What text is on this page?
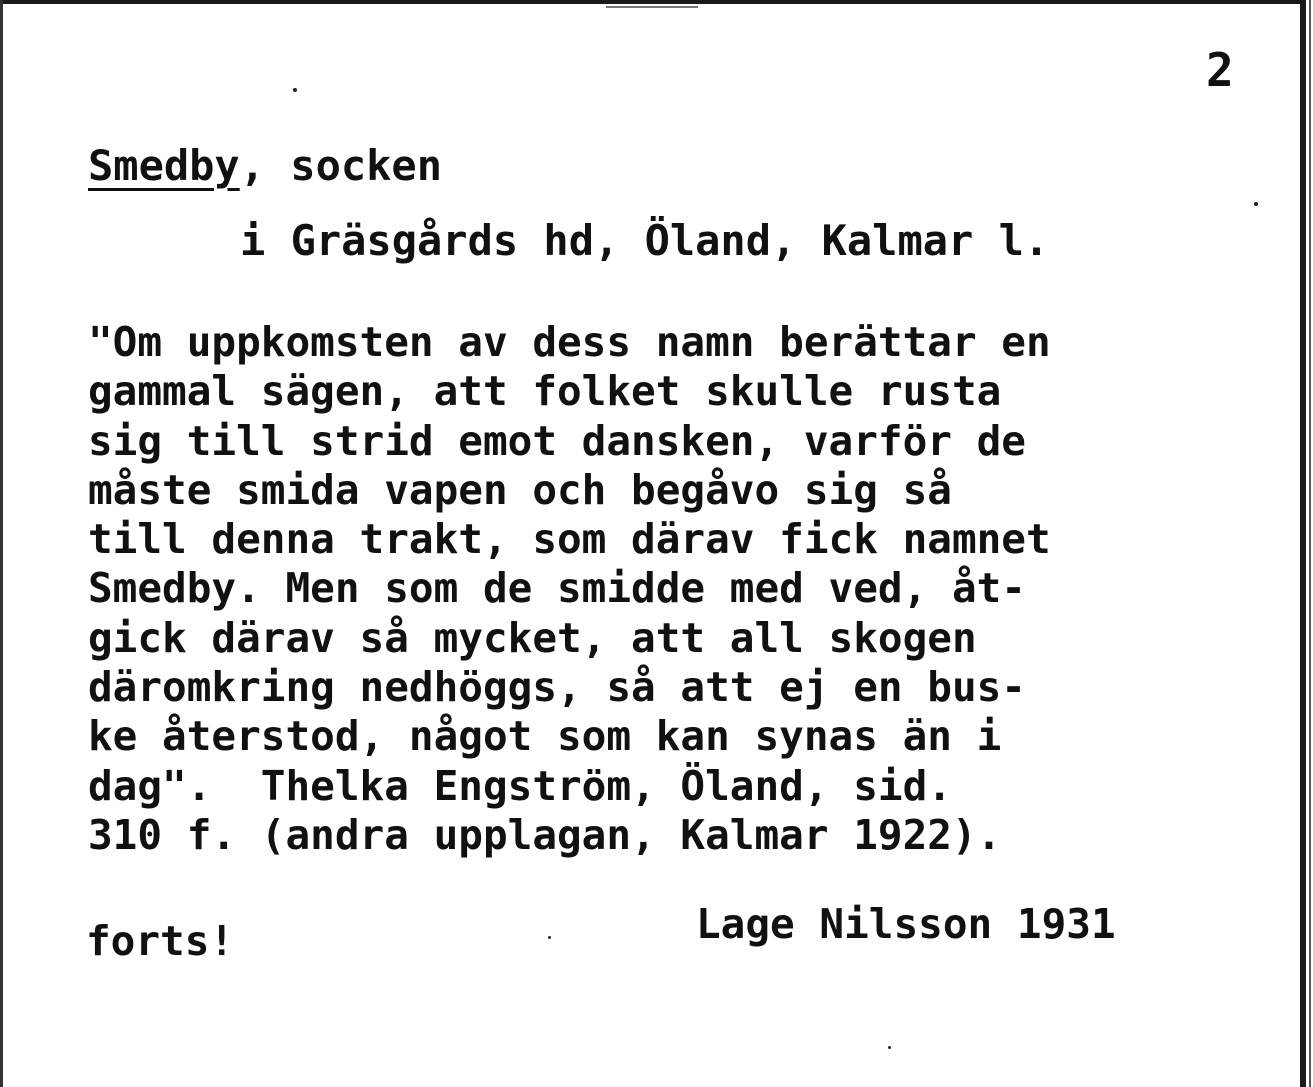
2
Smedby, socken
i Gräsgårds hd, Öland, Kalmar l.
"Om uppkomsten av dess namn berättar en
gammal sägen, att folket skulle rusta
sig till strid emot dansken, varför de
måste smida vapen och begåvo sig så
till denna trakt, som därav fick namnet
Smedby. Men som de smidde med ved, åt-
gick därav så mycket, att all skogen
däromkring nedhöggs, så att ej en bus-
ke återstod, något som kan synas än i
dag".  Thelka Engström, Öland, sid.
310 f. (andra upplagan, Kalmar 1922).
forts!	Lage Nilsson 1931
